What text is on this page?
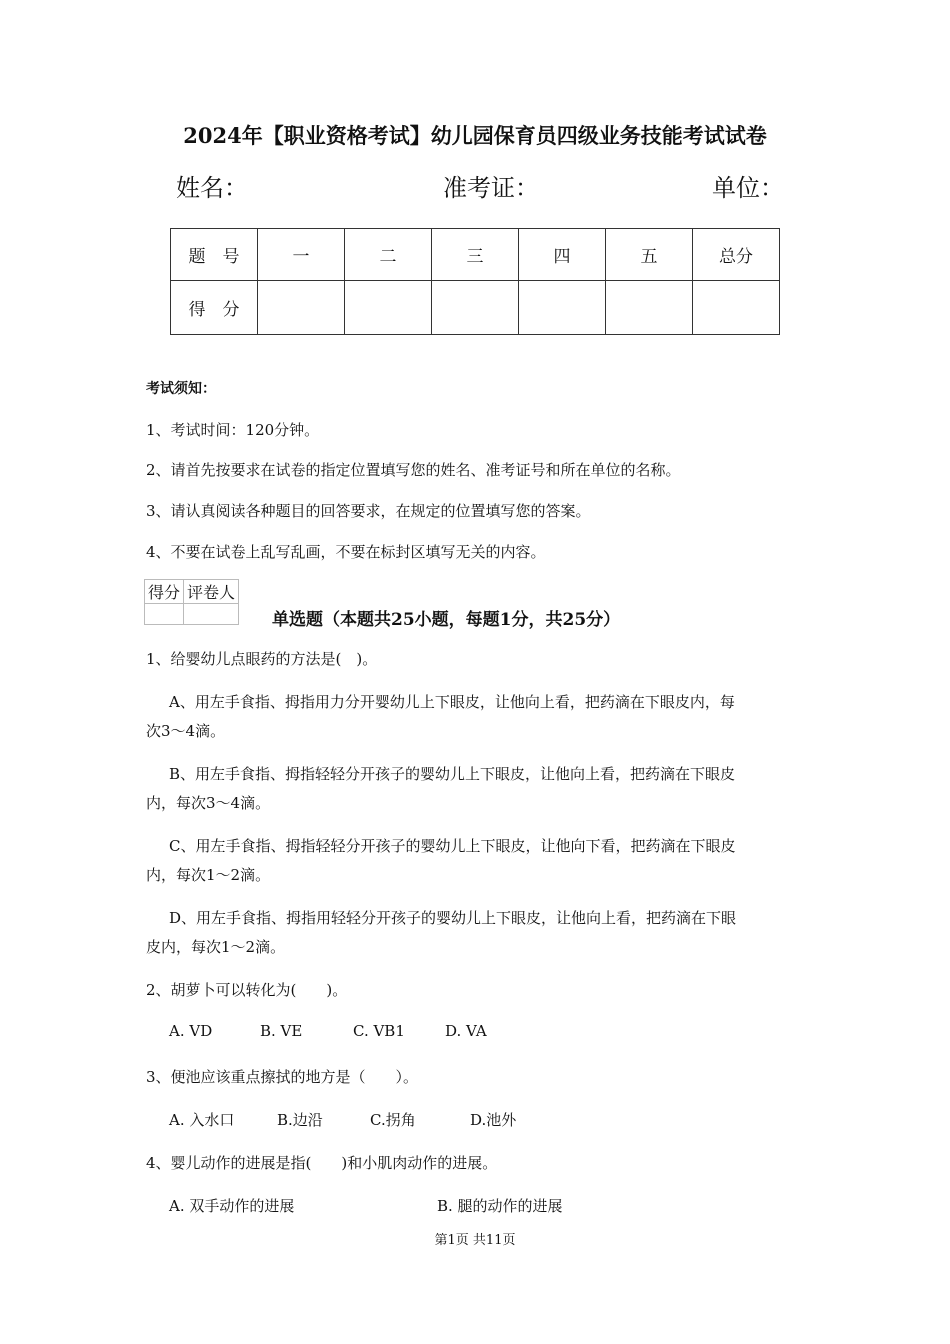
2024年【职业资格考试】幼儿园保育员四级业务技能考试试卷
姓名：	准考证：	单位：
题　号	一	二	三	四	五	总分
得　分						
考试须知：
1、考试时间：120分钟。
2、请首先按要求在试卷的指定位置填写您的姓名、准考证号和所在单位的名称。
3、请认真阅读各种题目的回答要求，在规定的位置填写您的答案。
4、不要在试卷上乱写乱画，不要在标封区填写无关的内容。
得分	评卷人

单选题（本题共25小题，每题1分，共25分）
1、给婴幼儿点眼药的方法是(　)。
A、用左手食指、拇指用力分开婴幼儿上下眼皮，让他向上看，把药滴在下眼皮内，每
次3～4滴。
B、用左手食指、拇指轻轻分开孩子的婴幼儿上下眼皮，让他向上看，把药滴在下眼皮
内，每次3～4滴。
C、用左手食指、拇指轻轻分开孩子的婴幼儿上下眼皮，让他向下看，把药滴在下眼皮
内，每次1～2滴。
D、用左手食指、拇指用轻轻分开孩子的婴幼儿上下眼皮，让他向上看，把药滴在下眼
皮内，每次1～2滴。
2、胡萝卜可以转化为(　　)。
A. VD	B. VE	C. VB1	D. VA
3、便池应该重点擦拭的地方是（　　）。
A. 入水口	B.边沿	C.拐角	D.池外
4、婴儿动作的进展是指(　　)和小肌肉动作的进展。
A. 双手动作的进展	B. 腿的动作的进展
第1页 共11页
